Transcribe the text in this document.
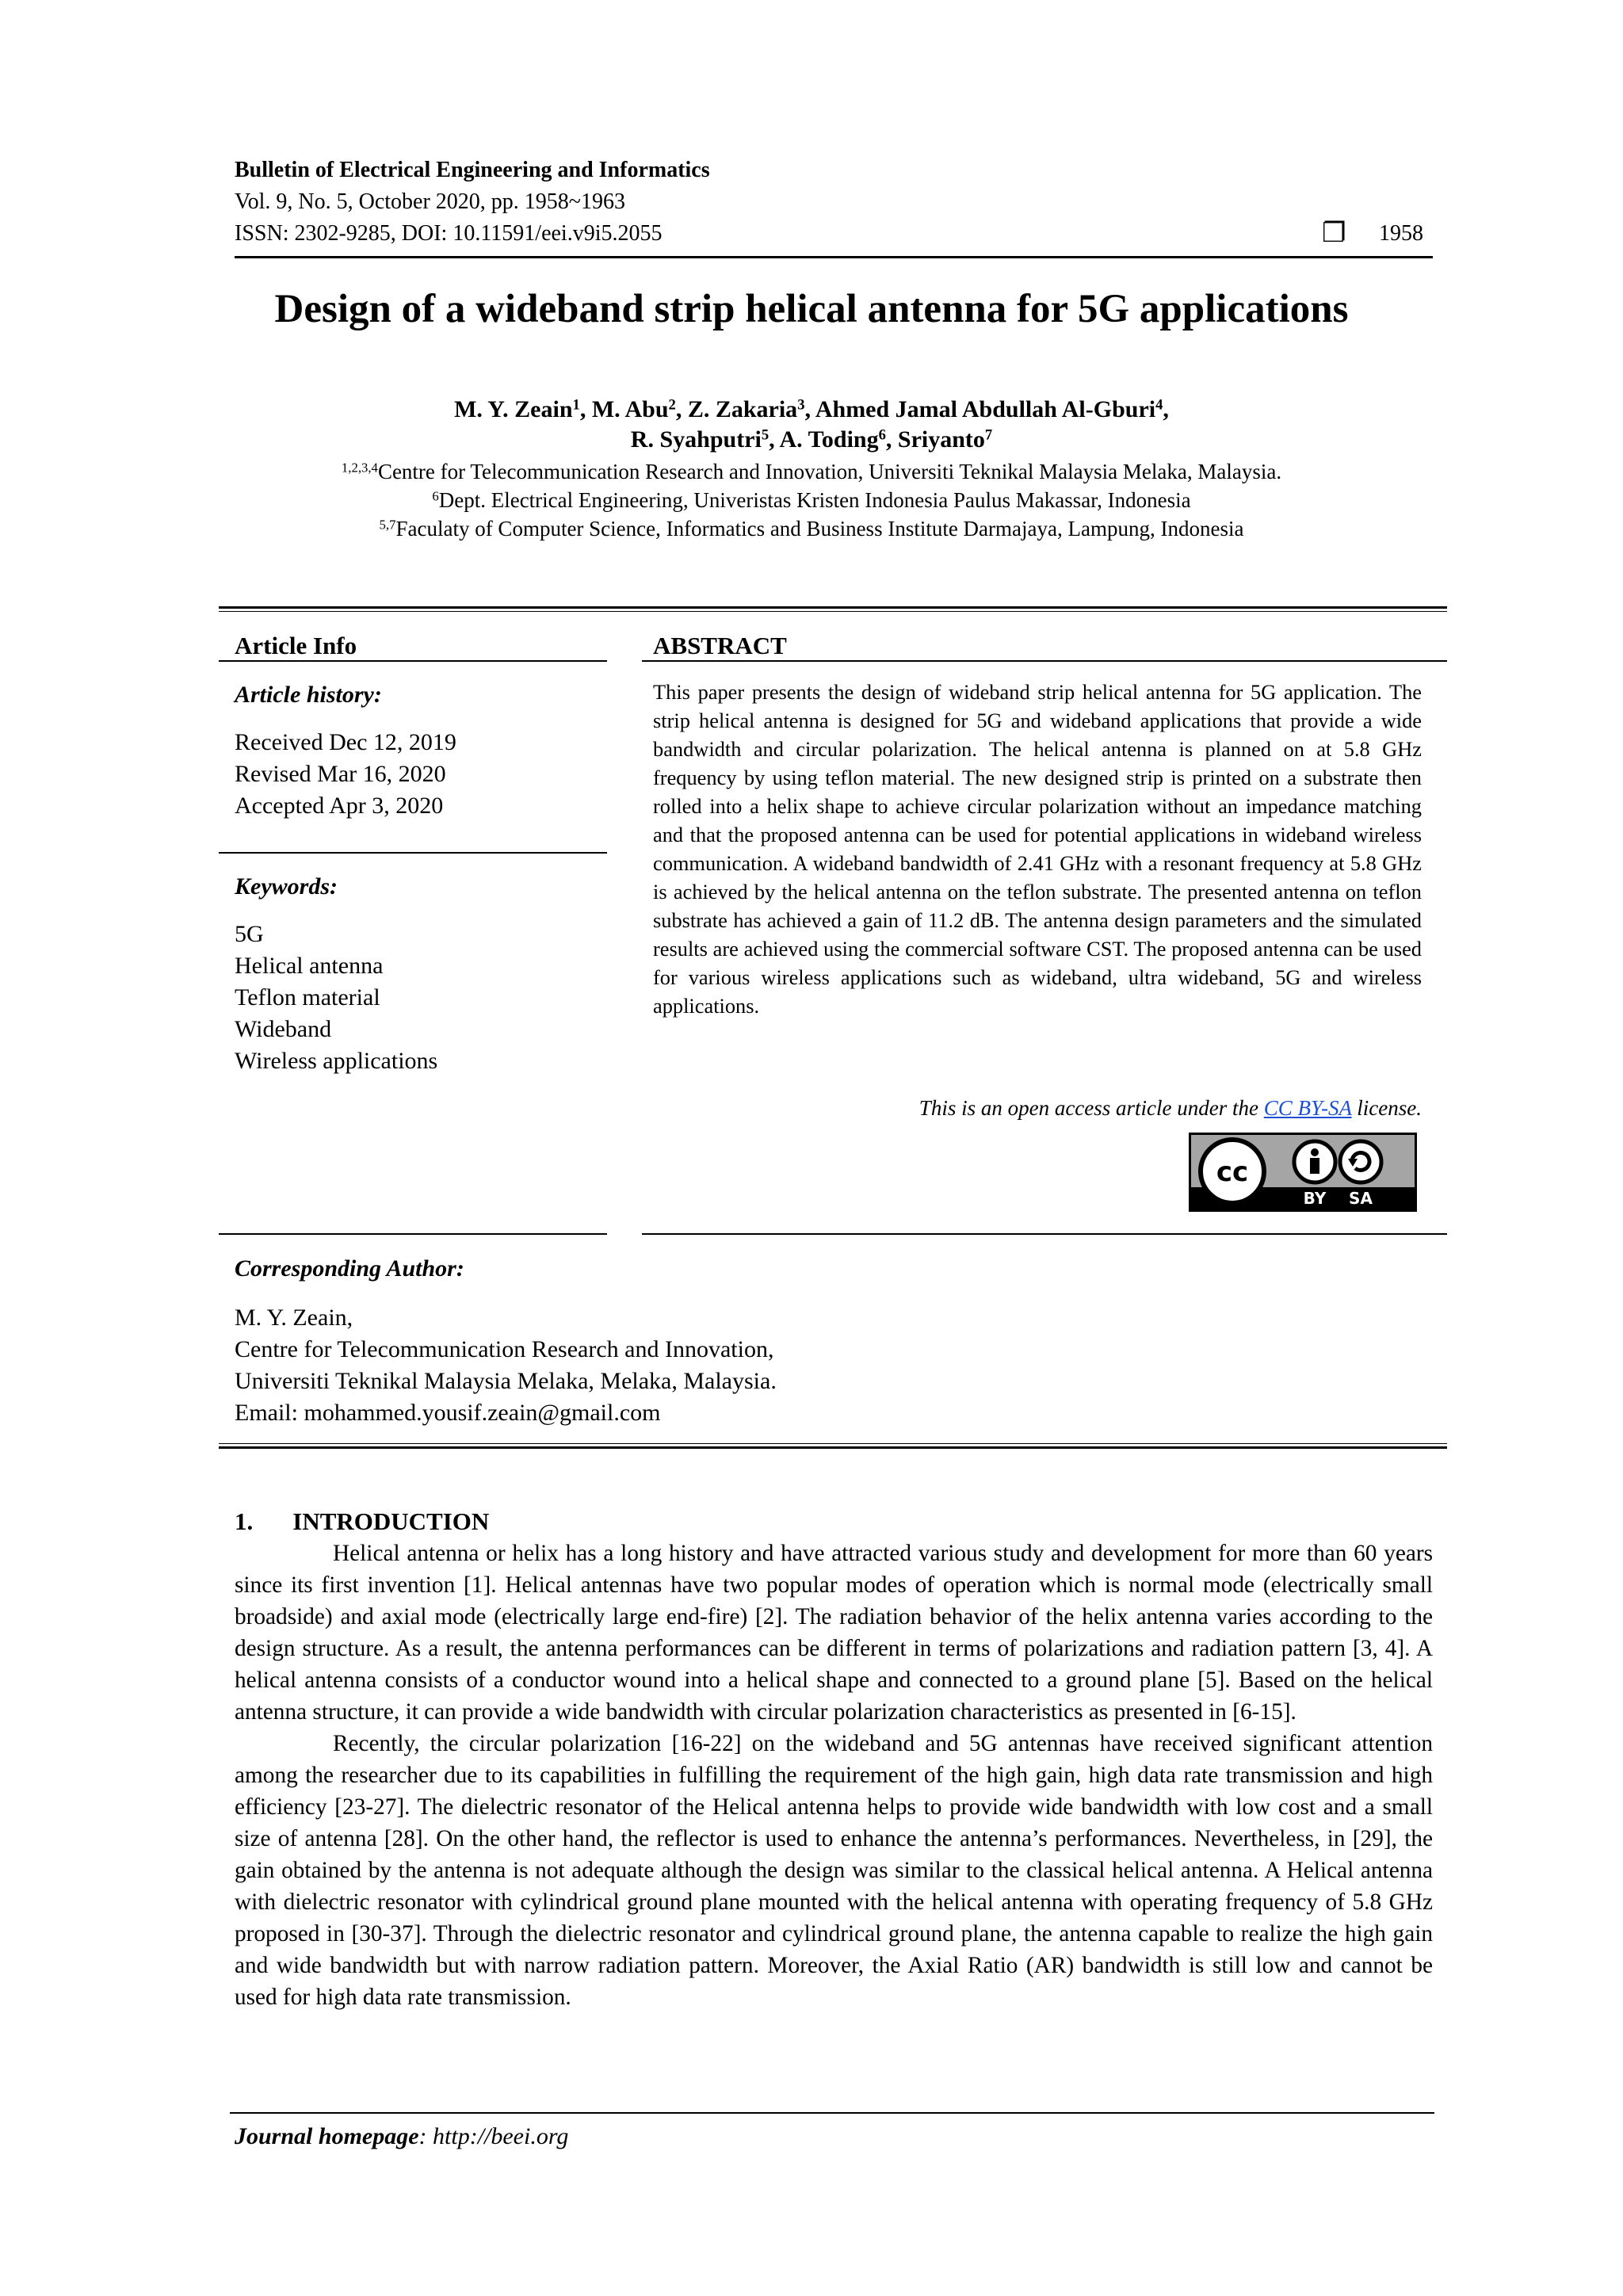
Bulletin of Electrical Engineering and Informatics
Vol. 9, No. 5, October 2020, pp. 1958~1963
ISSN: 2302-9285, DOI: 10.11591/eei.v9i5.2055	❐ 1958
Design of a wideband strip helical antenna for 5G applications
M. Y. Zeain$^1$, M. Abu$^2$, Z. Zakaria$^3$, Ahmed Jamal Abdullah Al-Gburi$^4$,
R. Syahputri$^5$, A. Toding$^6$, Sriyanto$^7$
$^{1,2,3,4}$Centre for Telecommunication Research and Innovation, Universiti Teknikal Malaysia Melaka, Malaysia.
$^6$Dept. Electrical Engineering, Univeristas Kristen Indonesia Paulus Makassar, Indonesia
$^{5,7}$Faculaty of Computer Science, Informatics and Business Institute Darmajaya, Lampung, Indonesia
Article Info
Article history:
Received Dec 12, 2019
Revised Mar 16, 2020
Accepted Apr 3, 2020
Keywords:
5G
Helical antenna
Teflon material
Wideband
Wireless applications
ABSTRACT
This paper presents the design of wideband strip helical antenna for 5G application. The strip helical antenna is designed for 5G and wideband applications that provide a wide bandwidth and circular polarization. The helical antenna is planned on at 5.8 GHz frequency by using teflon material. The new designed strip is printed on a substrate then rolled into a helix shape to achieve circular polarization without an impedance matching and that the proposed antenna can be used for potential applications in wideband wireless communication. A wideband bandwidth of 2.41 GHz with a resonant frequency at 5.8 GHz is achieved by the helical antenna on the teflon substrate. The presented antenna on teflon substrate has achieved a gain of 11.2 dB. The antenna design parameters and the simulated results are achieved using the commercial software CST. The proposed antenna can be used for various wireless applications such as wideband, ultra wideband, 5G and wireless applications.
This is an open access article under the CC BY-SA license.
cc
BY SA
Corresponding Author:
M. Y. Zeain,
Centre for Telecommunication Research and Innovation,
Universiti Teknikal Malaysia Melaka, Melaka, Malaysia.
Email: mohammed.yousif.zeain@gmail.com
1. INTRODUCTION

Helical antenna or helix has a long history and have attracted various study and development for more than 60 years since its first invention [1]. Helical antennas have two popular modes of operation which is normal mode (electrically small broadside) and axial mode (electrically large end-fire) [2]. The radiation behavior of the helix antenna varies according to the design structure. As a result, the antenna performances can be different in terms of polarizations and radiation pattern [3, 4]. A helical antenna consists of a conductor wound into a helical shape and connected to a ground plane [5]. Based on the helical antenna structure, it can provide a wide bandwidth with circular polarization characteristics as presented in [6-15].

Recently, the circular polarization [16-22] on the wideband and 5G antennas have received significant attention among the researcher due to its capabilities in fulfilling the requirement of the high gain, high data rate transmission and high efficiency [23-27]. The dielectric resonator of the Helical antenna helps to provide wide bandwidth with low cost and a small size of antenna [28]. On the other hand, the reflector is used to enhance the antenna’s performances. Nevertheless, in [29], the gain obtained by the antenna is not adequate although the design was similar to the classical helical antenna. A Helical antenna with dielectric resonator with cylindrical ground plane mounted with the helical antenna with operating frequency of 5.8 GHz proposed in [30-37]. Through the dielectric resonator and cylindrical ground plane, the antenna capable to realize the high gain and wide bandwidth but with narrow radiation pattern. Moreover, the Axial Ratio (AR) bandwidth is still low and cannot be used for high data rate transmission.

Journal homepage: http://beei.org
